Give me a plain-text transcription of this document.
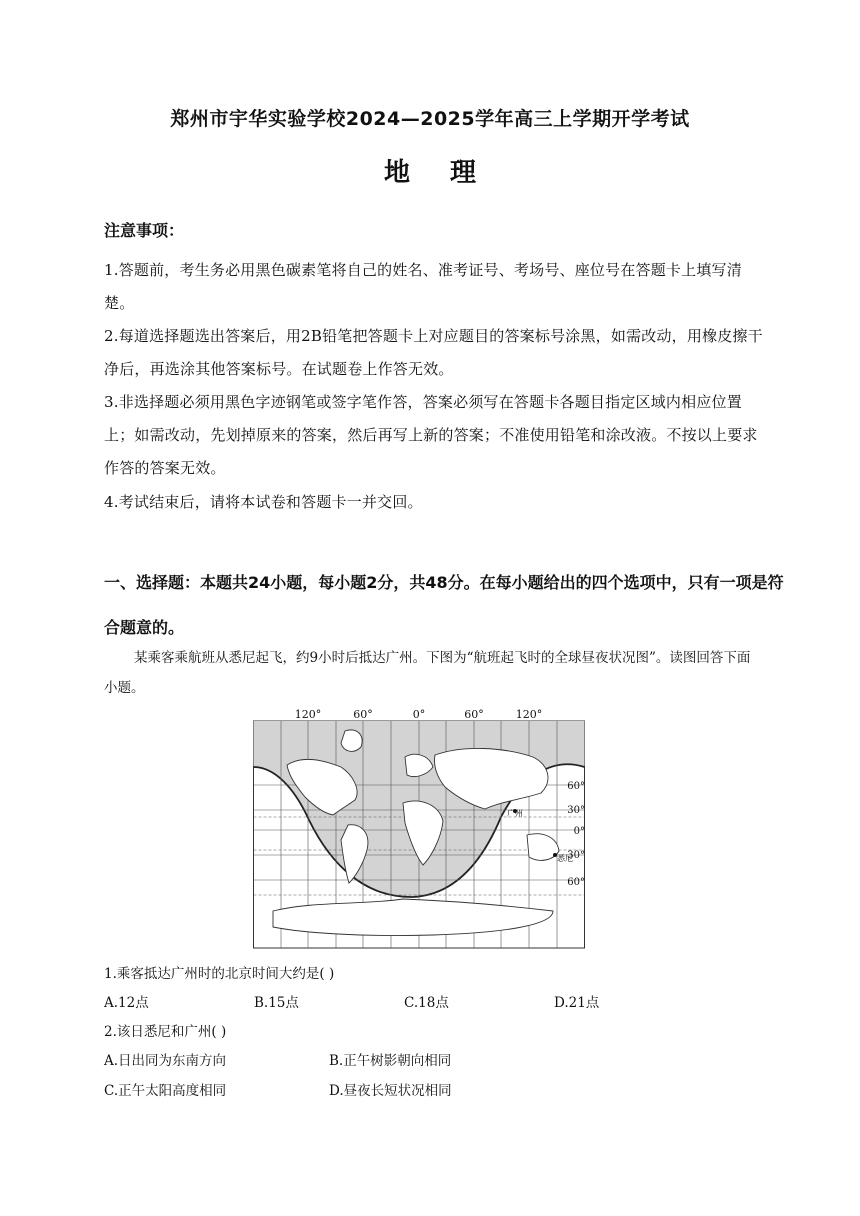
郑州市宇华实验学校2024—2025学年高三上学期开学考试
地 理
注意事项：

1.答题前，考生务必用黑色碳素笔将自己的姓名、准考证号、考场号、座位号在答题卡上填写清楚。

2.每道选择题选出答案后，用2B铅笔把答题卡上对应题目的答案标号涂黑，如需改动，用橡皮擦干净后，再选涂其他答案标号。在试题卷上作答无效。

3.非选择题必须用黑色字迹钢笔或签字笔作答，答案必须写在答题卡各题目指定区域内相应位置上；如需改动，先划掉原来的答案，然后再写上新的答案；不准使用铅笔和涂改液。不按以上要求作答的答案无效。

4.考试结束后，请将本试卷和答题卡一并交回。

一、选择题：本题共24小题，每小题2分，共48分。在每小题给出的四个选项中，只有一项是符合题意的。

某乘客乘航班从悉尼起飞，约9小时后抵达广州。下图为“航班起飞时的全球昼夜状况图”。读图回答下面小题。

广州
悉尼
120°	60°	0°	60°	120°
60°
30°
0°
30°
60°
1.乘客抵达广州时的北京时间大约是( )
A.12点	B.15点	C.18点	D.21点
2.该日悉尼和广州( )
A.日出同为东南方向	B.正午树影朝向相同
C.正午太阳高度相同	D.昼夜长短状况相同
